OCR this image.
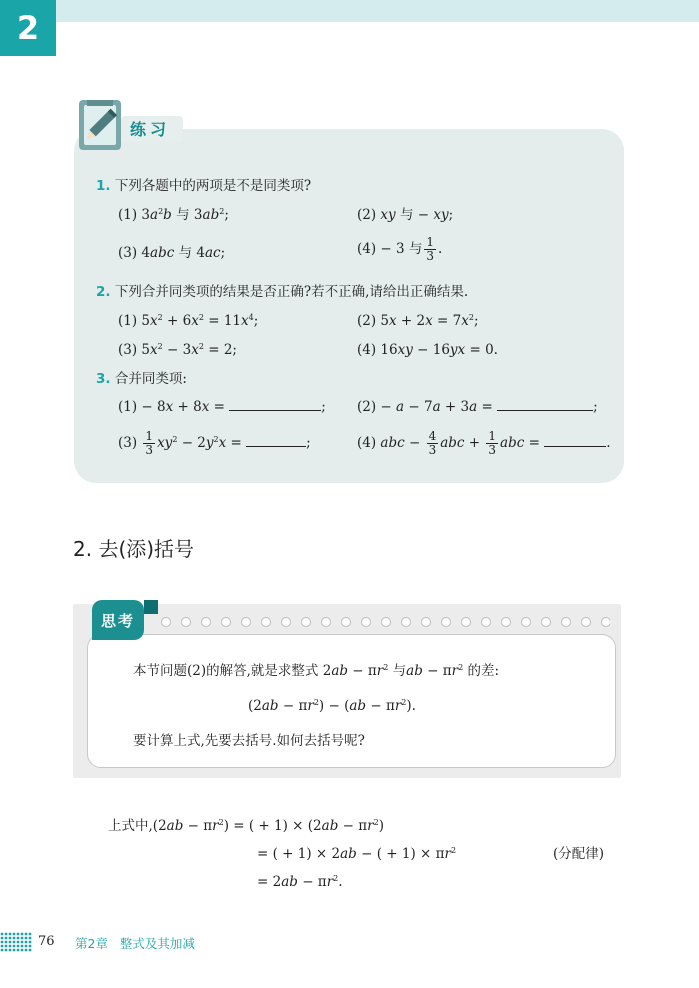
2
练习
1. 下列各题中的两项是不是同类项?
(1) $3a^2b$ 与 $3ab^2$;	(2) xy 与 − xy;
(3) 4abc 与 4ac;	(4) − 3 与 $\frac{1}{3}$ .
2. 下列合并同类项的结果是否正确?若不正确,请给出正确结果.
(1) $5x^2 + 6x^2 = 11x^4$;	(2) $5x + 2x = 7x^2$;
(3) $5x^2 - 3x^2 = 2$;	(4) 16xy − 16yx = 0.
3. 合并同类项:
(1) − 8x + 8x =	; (2) − a − 7a + 3a =	;
$(3) \frac{1}{3} xy^2 - 2y^2x$ =	;	(4) abc − $\frac{4}{3}$ abc + $\frac{1}{3}$ abc =	.
2. 去(添)括号
思考
本节问题(2)的解答,就是求整式 $2ab - \pi r^2$ 与ab − $\pi r^2$ 的差:
$(2ab - \pi r^2) - (ab - \pi r^2)$.
要计算上式,先要去括号.如何去括号呢?
上式中$,(2ab - \pi r^2)$ = ( + $1) \times (2ab - \pi r^2)$
= ( + 1) × 2ab − ( + $1) \times \pi r^2$	(分配律)
= $2ab - \pi r^2$.
76 第2章 整式及其加减
